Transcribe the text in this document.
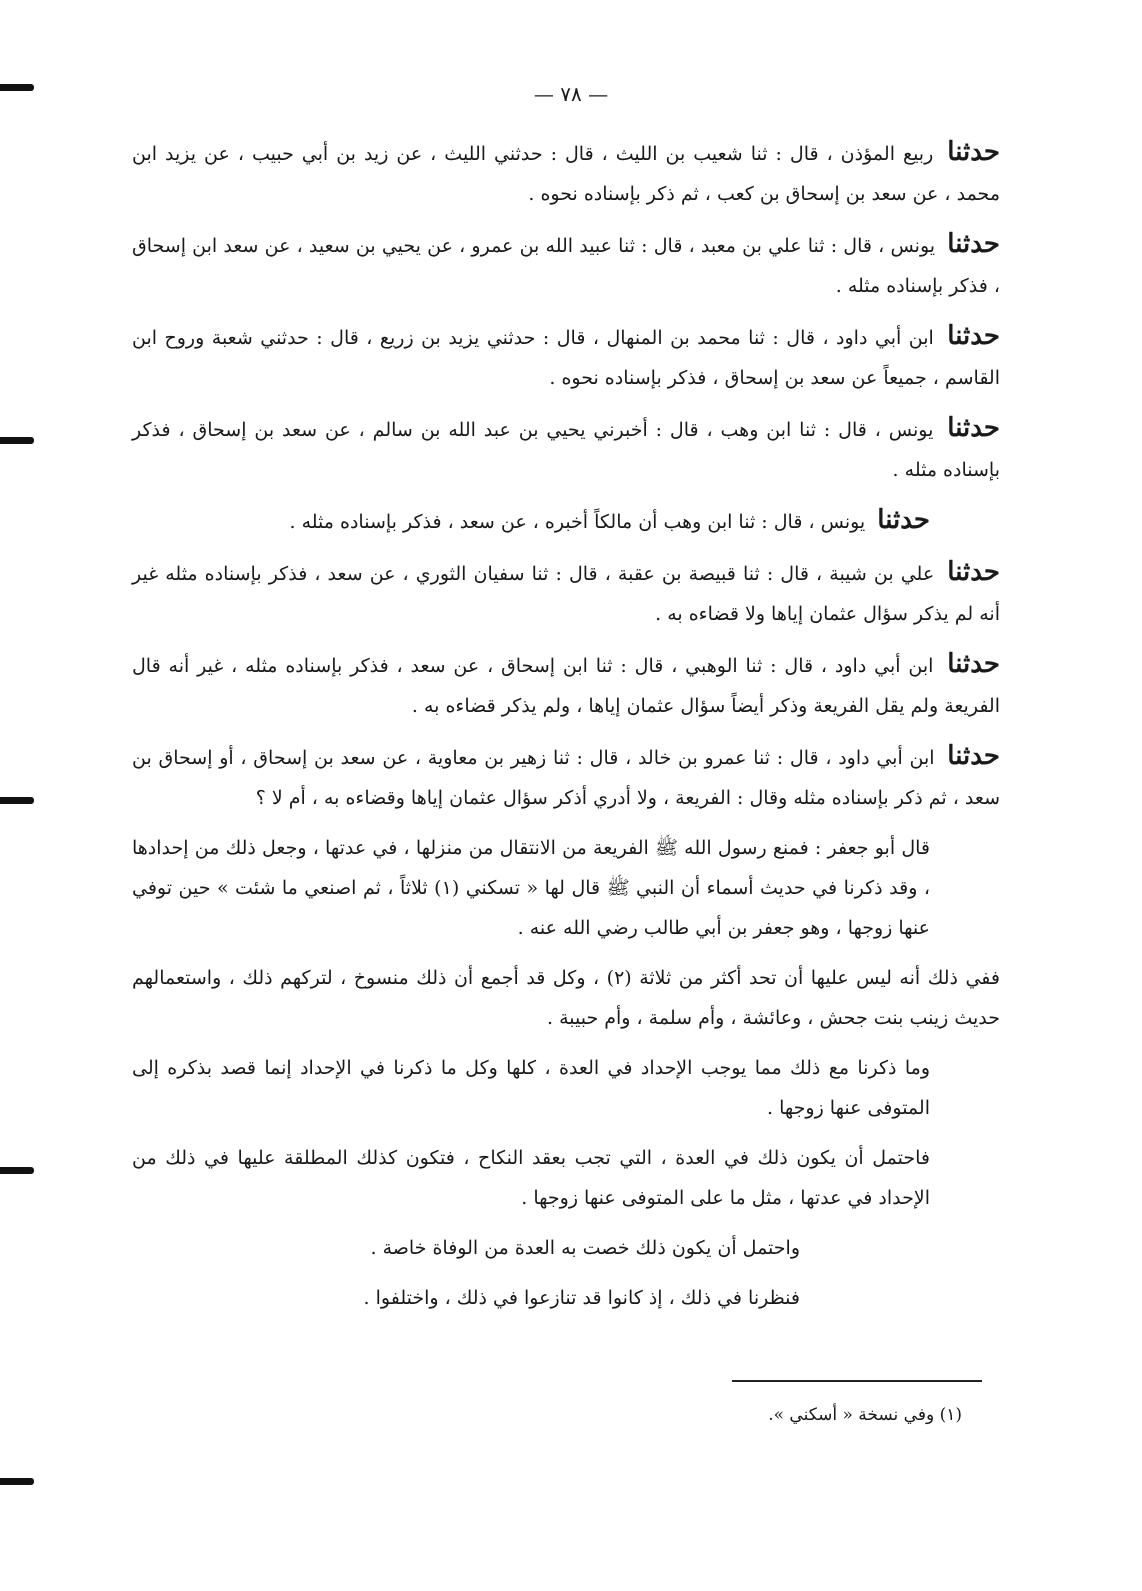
— ٧٨ —

حدثنا ربيع المؤذن ، قال : ثنا شعيب بن الليث ، قال : حدثني الليث ، عن زيد بن أبي حبيب ، عن يزيد ابن محمد ، عن سعد بن إسحاق بن كعب ، ثم ذكر بإسناده نحوه .

حدثنا يونس ، قال : ثنا علي بن معبد ، قال : ثنا عبيد الله بن عمرو ، عن يحيي بن سعيد ، عن سعد ابن إسحاق ، فذكر بإسناده مثله .

حدثنا ابن أبي داود ، قال : ثنا محمد بن المنهال ، قال : حدثني يزيد بن زريع ، قال : حدثني شعبة وروح ابن القاسم ، جميعاً عن سعد بن إسحاق ، فذكر بإسناده نحوه .

حدثنا يونس ، قال : ثنا ابن وهب ، قال : أخبرني يحيي بن عبد الله بن سالم ، عن سعد بن إسحاق ، فذكر بإسناده مثله .

حدثنا يونس ، قال : ثنا ابن وهب أن مالكاً أخبره ، عن سعد ، فذكر بإسناده مثله .

حدثنا علي بن شيبة ، قال : ثنا قبيصة بن عقبة ، قال : ثنا سفيان الثوري ، عن سعد ، فذكر بإسناده مثله غير أنه لم يذكر سؤال عثمان إياها ولا قضاءه به .

حدثنا ابن أبي داود ، قال : ثنا الوهبي ، قال : ثنا ابن إسحاق ، عن سعد ، فذكر بإسناده مثله ، غير أنه قال الفريعة ولم يقل الفريعة وذكر أيضاً سؤال عثمان إياها ، ولم يذكر قضاءه به .

حدثنا ابن أبي داود ، قال : ثنا عمرو بن خالد ، قال : ثنا زهير بن معاوية ، عن سعد بن إسحاق ، أو إسحاق بن سعد ، ثم ذكر بإسناده مثله وقال : الفريعة ، ولا أدري أذكر سؤال عثمان إياها وقضاءه به ، أم لا ؟

قال أبو جعفر : فمنع رسول الله ﷺ الفريعة من الانتقال من منزلها ، في عدتها ، وجعل ذلك من إحدادها ، وقد ذكرنا في حديث أسماء أن النبي ﷺ قال لها « تسكني (١) ثلاثاً ، ثم اصنعي ما شئت » حين توفي عنها زوجها ، وهو جعفر بن أبي طالب رضي الله عنه .

ففي ذلك أنه ليس عليها أن تحد أكثر من ثلاثة (٢) ، وكل قد أجمع أن ذلك منسوخ ، لتركهم ذلك ، واستعمالهم حديث زينب بنت جحش ، وعائشة ، وأم سلمة ، وأم حبيبة .

وما ذكرنا مع ذلك مما يوجب الإحداد في العدة ، كلها وكل ما ذكرنا في الإحداد إنما قصد بذكره إلى المتوفى عنها زوجها .

فاحتمل أن يكون ذلك في العدة ، التي تجب بعقد النكاح ، فتكون كذلك المطلقة عليها في ذلك من الإحداد في عدتها ، مثل ما على المتوفى عنها زوجها .

واحتمل أن يكون ذلك خصت به العدة من الوفاة خاصة .

فنظرنا في ذلك ، إذ كانوا قد تنازعوا في ذلك ، واختلفوا .

(١) وفي نسخة « أسكني ».
